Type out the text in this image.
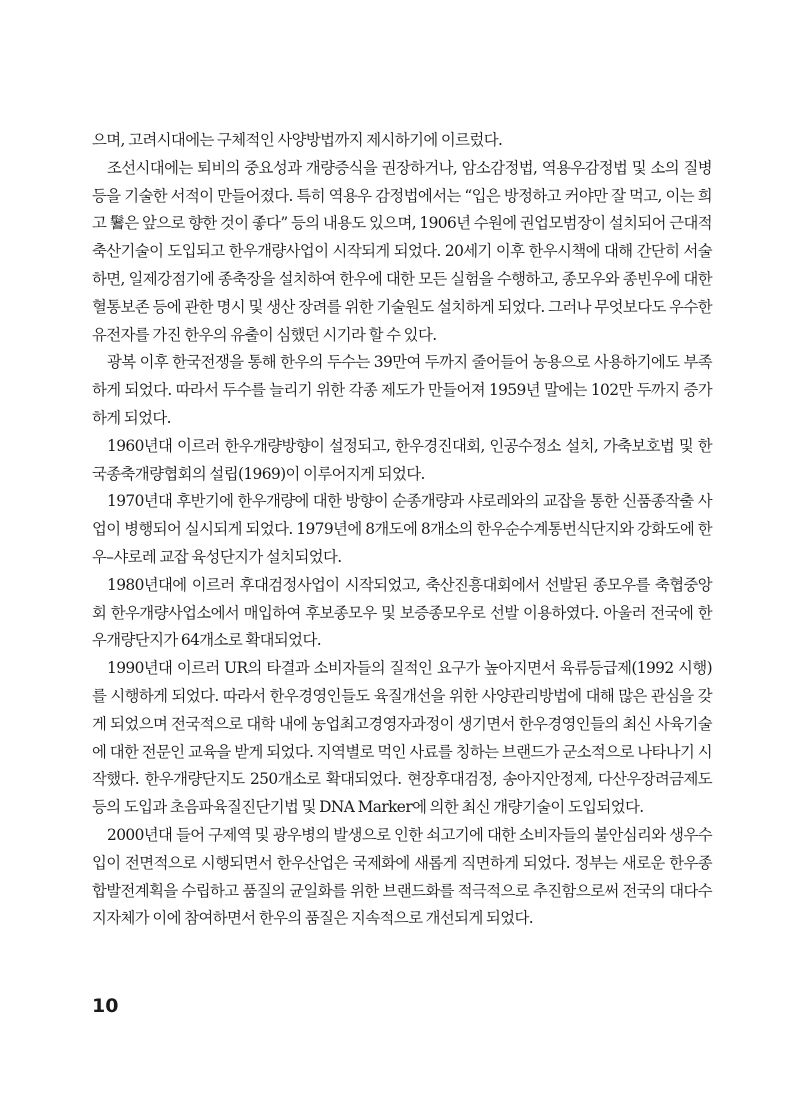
으며, 고려시대에는 구체적인 사양방법까지 제시하기에 이르렀다.

조선시대에는 퇴비의 중요성과 개량증식을 권장하거나, 암소감정법, 역용우감정법 및 소의 질병 등을 기술한 서적이 만들어졌다. 특히 역용우 감정법에서는 “입은 방정하고 커야만 잘 먹고, 이는 희고 鬐은 앞으로 향한 것이 좋다” 등의 내용도 있으며, 1906년 수원에 권업모범장이 설치되어 근대적 축산기술이 도입되고 한우개량사업이 시작되게 되었다. 20세기 이후 한우시책에 대해 간단히 서술하면, 일제강점기에 종축장을 설치하여 한우에 대한 모든 실험을 수행하고, 종모우와 종빈우에 대한 혈통보존 등에 관한 명시 및 생산 장려를 위한 기술원도 설치하게 되었다. 그러나 무엇보다도 우수한 유전자를 가진 한우의 유출이 심했던 시기라 할 수 있다.

광복 이후 한국전쟁을 통해 한우의 두수는 39만여 두까지 줄어들어 농용으로 사용하기에도 부족하게 되었다. 따라서 두수를 늘리기 위한 각종 제도가 만들어져 1959년 말에는 102만 두까지 증가하게 되었다.

1960년대 이르러 한우개량방향이 설정되고, 한우경진대회, 인공수정소 설치, 가축보호법 및 한국종축개량협회의 설립(1969)이 이루어지게 되었다.

1970년대 후반기에 한우개량에 대한 방향이 순종개량과 샤로레와의 교잡을 통한 신품종작출 사업이 병행되어 실시되게 되었다. 1979년에 8개도에 8개소의 한우순수계통번식단지와 강화도에 한우–샤로레 교잡 육성단지가 설치되었다.

1980년대에 이르러 후대검정사업이 시작되었고, 축산진흥대회에서 선발된 종모우를 축협중앙회 한우개량사업소에서 매입하여 후보종모우 및 보증종모우로 선발 이용하였다. 아울러 전국에 한우개량단지가 64개소로 확대되었다.

1990년대 이르러 UR의 타결과 소비자들의 질적인 요구가 높아지면서 육류등급제(1992 시행)를 시행하게 되었다. 따라서 한우경영인들도 육질개선을 위한 사양관리방법에 대해 많은 관심을 갖게 되었으며 전국적으로 대학 내에 농업최고경영자과정이 생기면서 한우경영인들의 최신 사육기술에 대한 전문인 교육을 받게 되었다. 지역별로 먹인 사료를 칭하는 브랜드가 군소적으로 나타나기 시작했다. 한우개량단지도 250개소로 확대되었다. 현장후대검정, 송아지안정제, 다산우장려금제도 등의 도입과 초음파육질진단기법 및 DNA Marker에 의한 최신 개량기술이 도입되었다.

2000년대 들어 구제역 및 광우병의 발생으로 인한 쇠고기에 대한 소비자들의 불안심리와 생우수입이 전면적으로 시행되면서 한우산업은 국제화에 새롭게 직면하게 되었다. 정부는 새로운 한우종합발전계획을 수립하고 품질의 균일화를 위한 브랜드화를 적극적으로 추진함으로써 전국의 대다수 지자체가 이에 참여하면서 한우의 품질은 지속적으로 개선되게 되었다.

10
